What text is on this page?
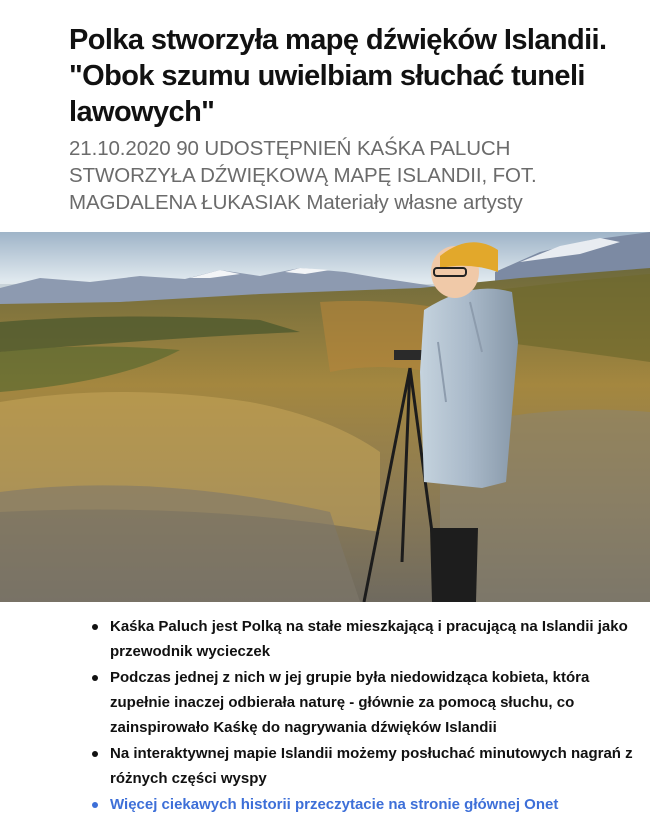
Polka stworzyła mapę dźwięków Islandii. "Obok szumu uwielbiam słuchać tuneli lawowych"
21.10.2020 90 UDOSTĘPNIEŃ KAŚKA PALUCH STWORZYŁA DŹWIĘKOWĄ MAPĘ ISLANDII, FOT. MAGDALENA ŁUKASIAK Materiały własne artysty
Kaśka Paluch jest Polką na stałe mieszkającą i pracującą na Islandii jako przewodnik wycieczek
Podczas jednej z nich w jej grupie była niedowidząca kobieta, która zupełnie inaczej odbierała naturę - głównie za pomocą słuchu, co zainspirowało Kaśkę do nagrywania dźwięków Islandii
Na interaktywnej mapie Islandii możemy posłuchać minutowych nagrań z różnych części wyspy
Więcej ciekawych historii przeczytacie na stronie głównej Onet
